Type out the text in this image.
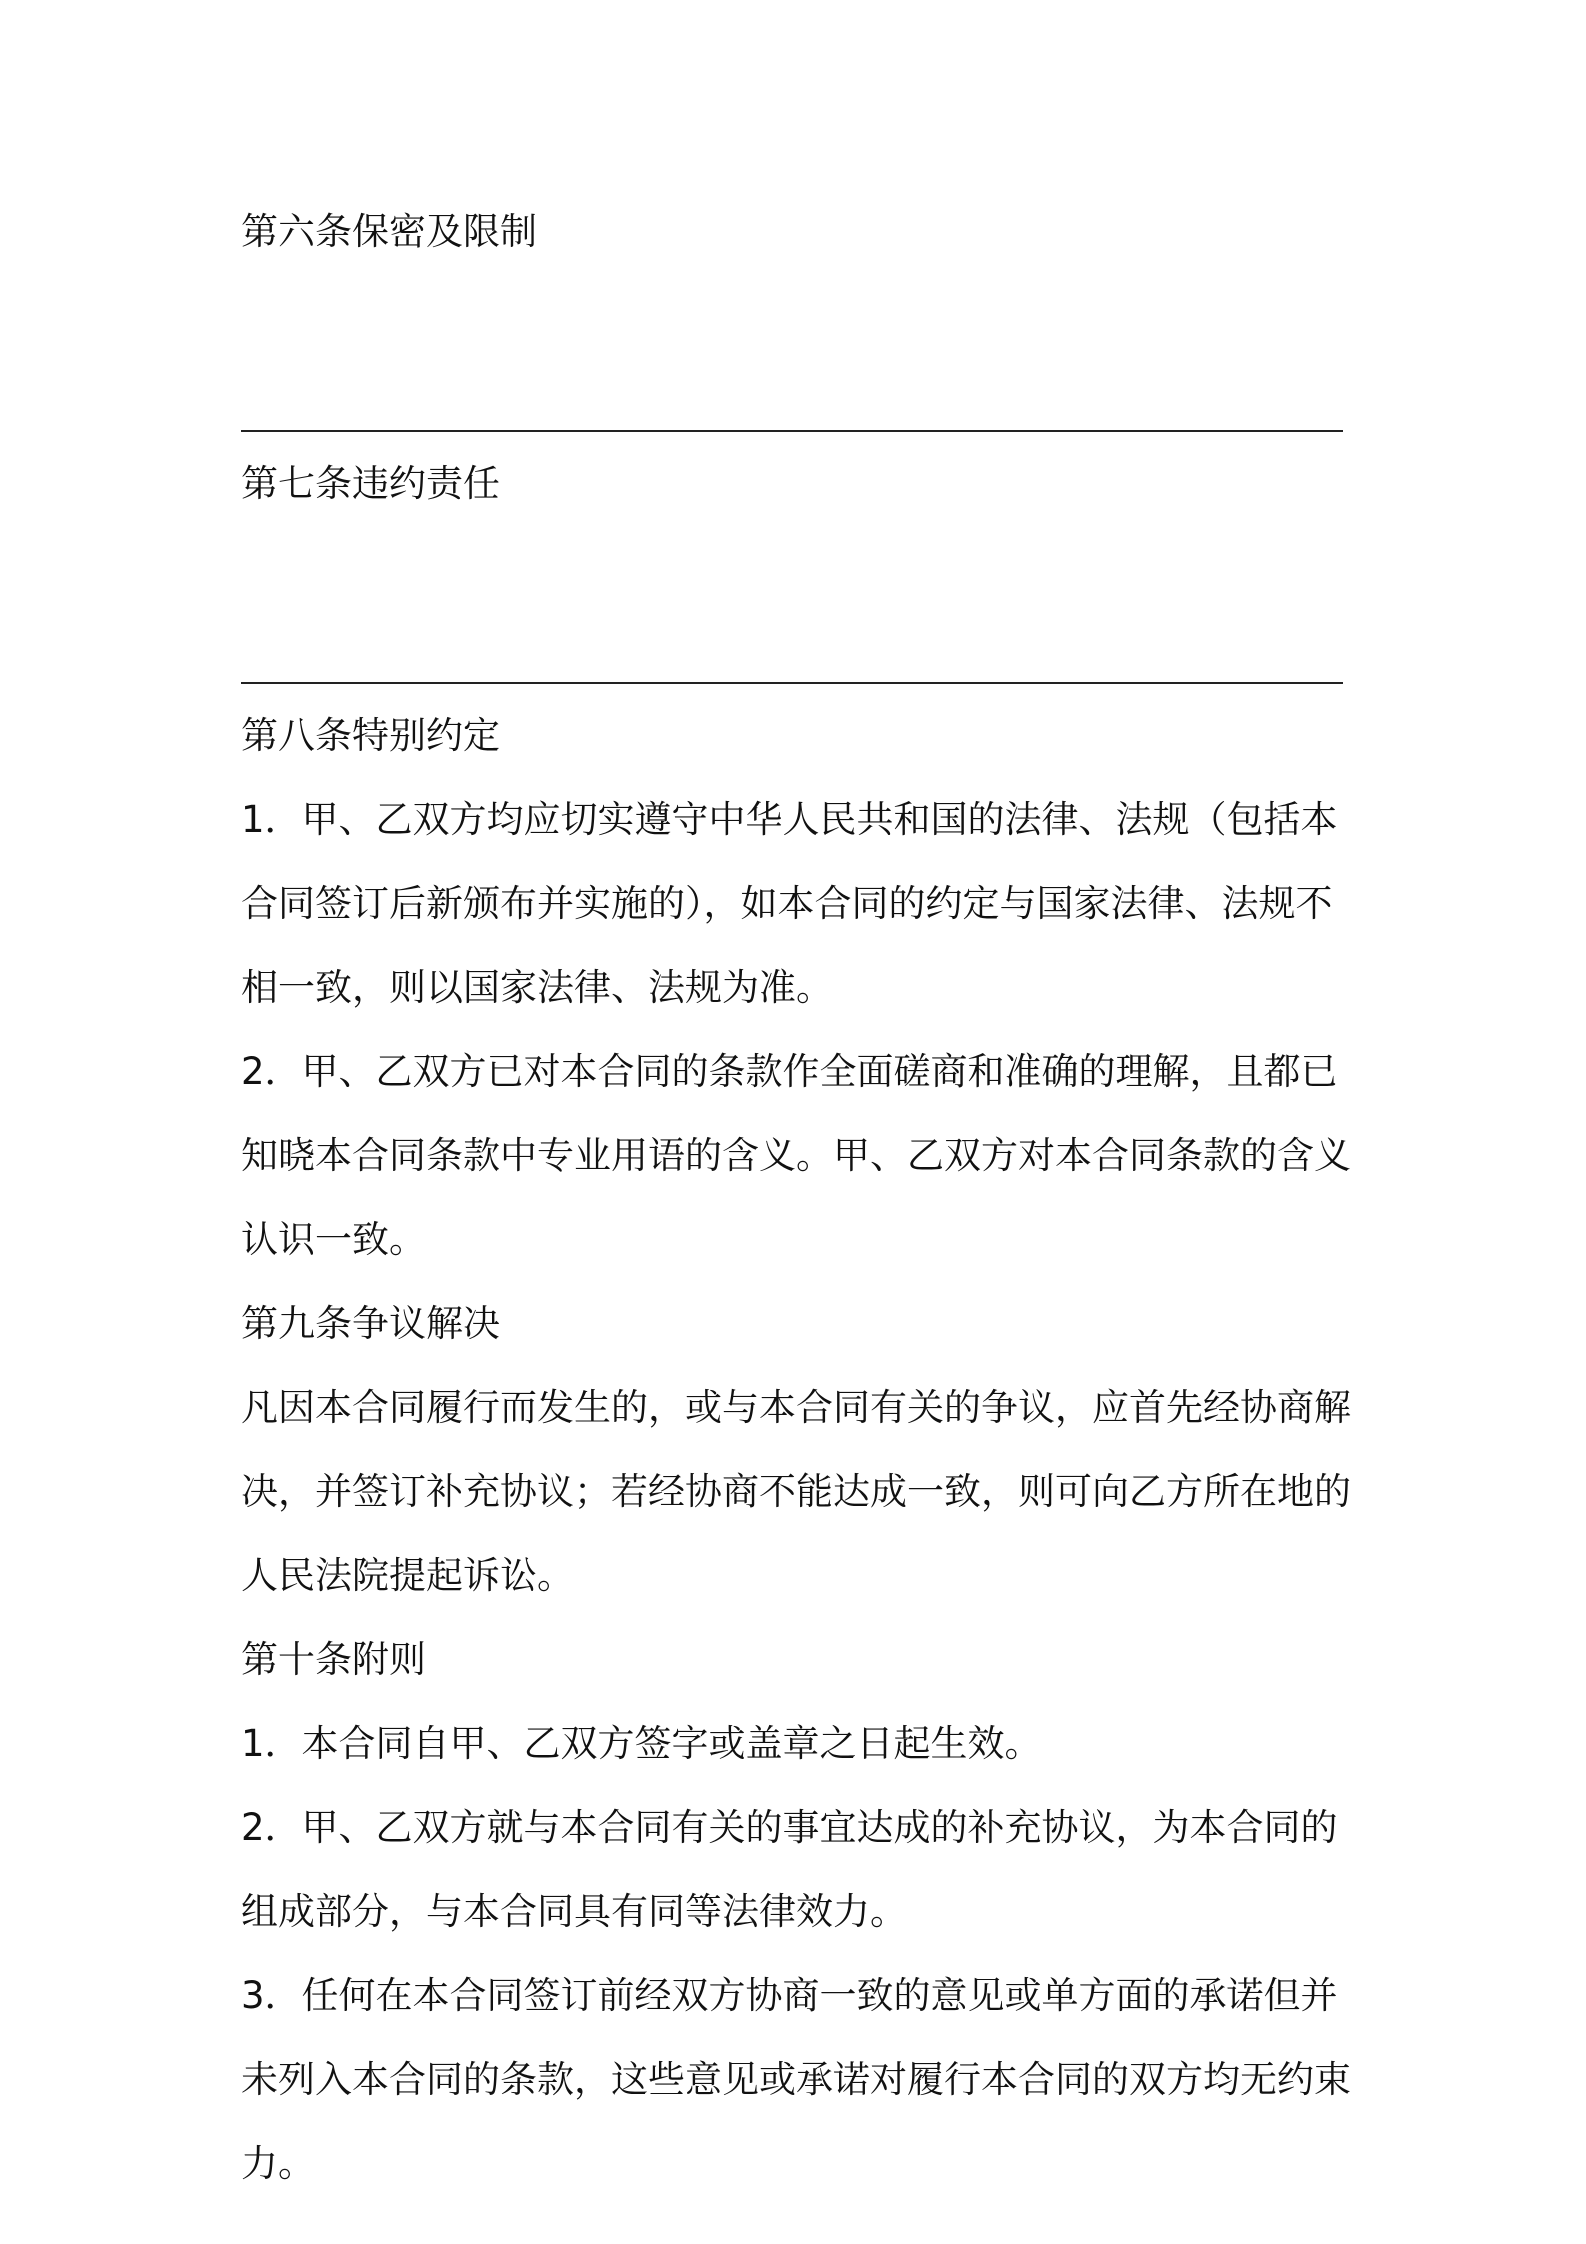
第六条保密及限制
第七条违约责任
第八条特别约定
1．甲、乙双方均应切实遵守中华人民共和国的法律、法规（包括本
合同签订后新颁布并实施的），如本合同的约定与国家法律、法规不
相一致，则以国家法律、法规为准。
2．甲、乙双方已对本合同的条款作全面磋商和准确的理解，且都已
知晓本合同条款中专业用语的含义。甲、乙双方对本合同条款的含义
认识一致。
第九条争议解决
凡因本合同履行而发生的，或与本合同有关的争议，应首先经协商解
决，并签订补充协议；若经协商不能达成一致，则可向乙方所在地的
人民法院提起诉讼。
第十条附则
1．本合同自甲、乙双方签字或盖章之日起生效。
2．甲、乙双方就与本合同有关的事宜达成的补充协议，为本合同的
组成部分，与本合同具有同等法律效力。
3．任何在本合同签订前经双方协商一致的意见或单方面的承诺但并
未列入本合同的条款，这些意见或承诺对履行本合同的双方均无约束
力。
